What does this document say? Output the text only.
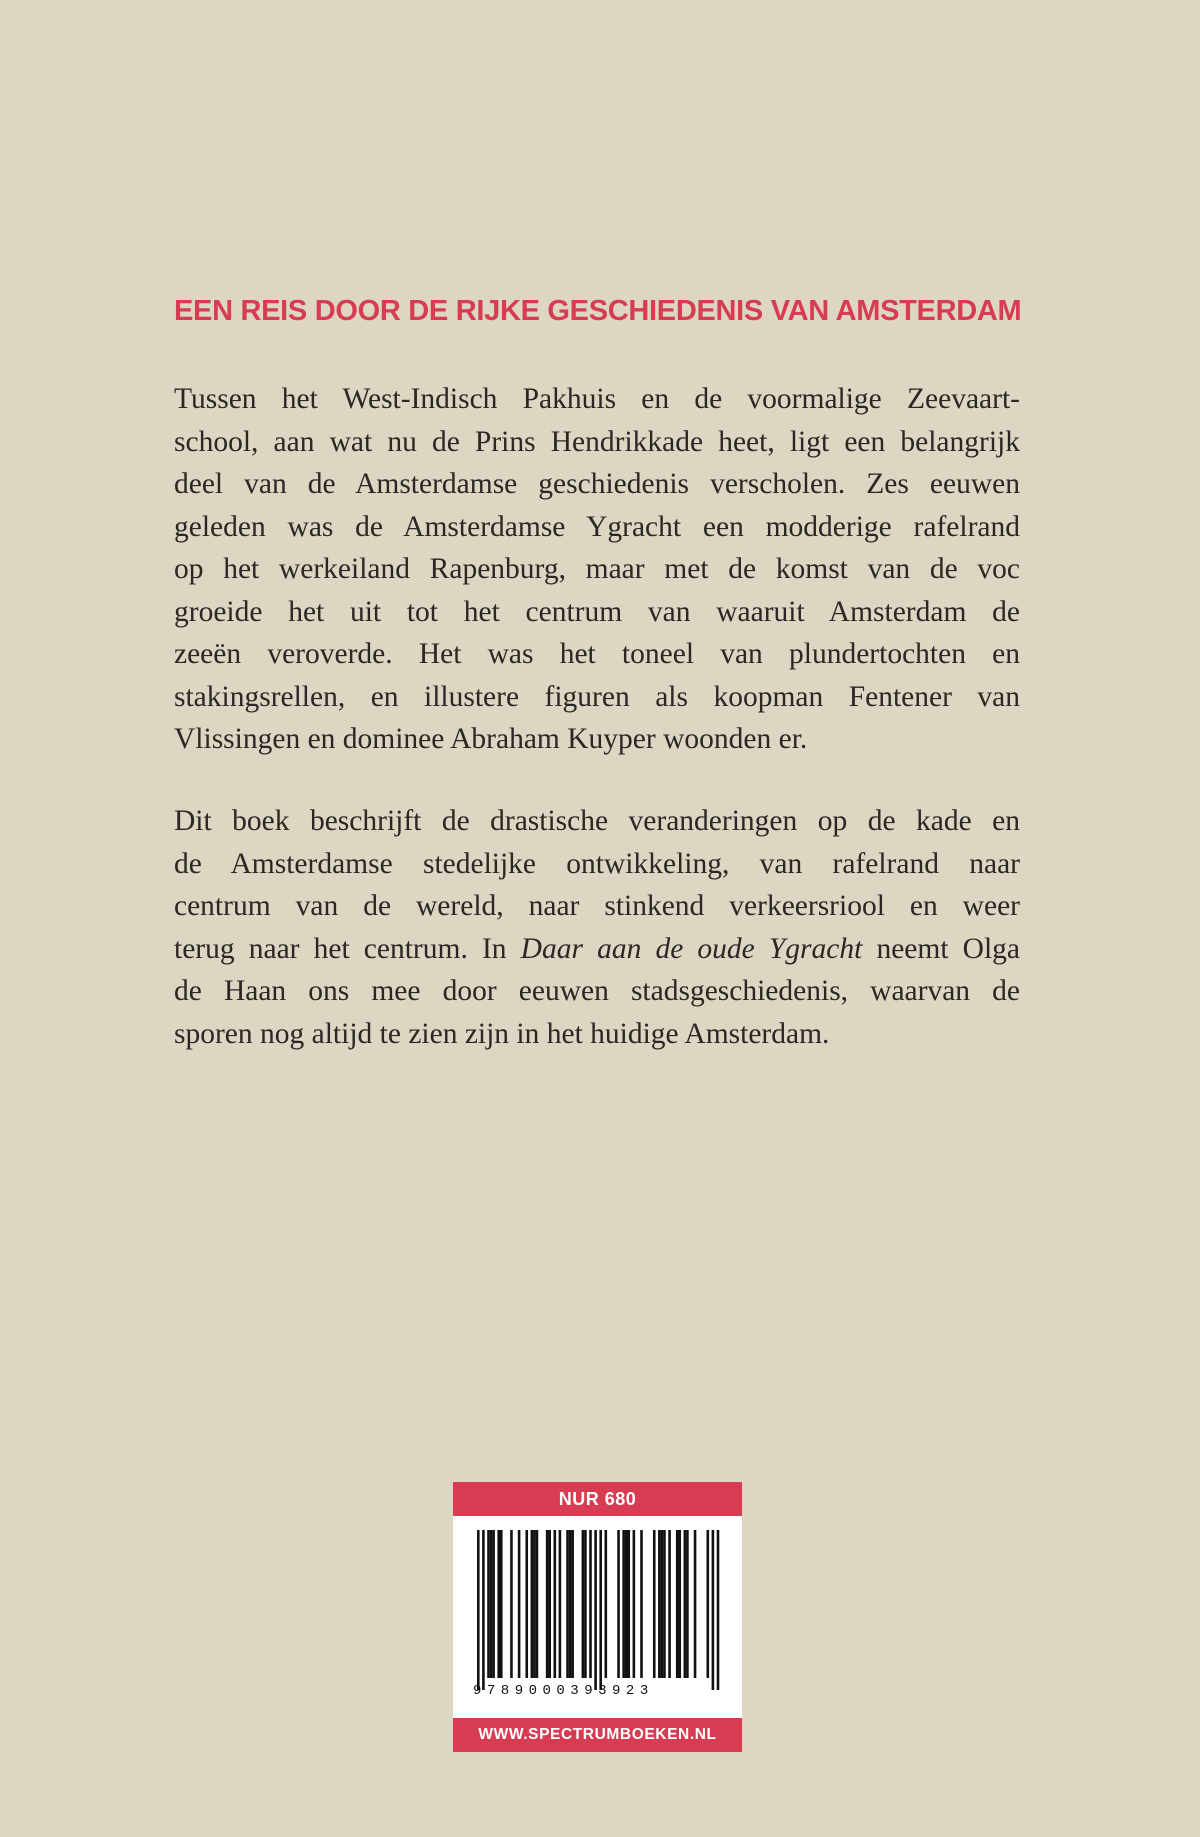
EEN REIS DOOR DE RIJKE GESCHIEDENIS VAN AMSTERDAM

Tussen het West-Indisch Pakhuis en de voormalige Zeevaart-
school, aan wat nu de Prins Hendrikkade heet, ligt een belangrijk
deel van de Amsterdamse geschiedenis verscholen. Zes eeuwen
geleden was de Amsterdamse Ygracht een modderige rafelrand
op het werkeiland Rapenburg, maar met de komst van de voc
groeide het uit tot het centrum van waaruit Amsterdam de
zeeën veroverde. Het was het toneel van plundertochten en
stakingsrellen, en illustere figuren als koopman Fentener van
Vlissingen en dominee Abraham Kuyper woonden er.

Dit boek beschrijft de drastische veranderingen op de kade en
de Amsterdamse stedelijke ontwikkeling, van rafelrand naar
centrum van de wereld, naar stinkend verkeersriool en weer
terug naar het centrum. In Daar aan de oude Ygracht neemt Olga
de Haan ons mee door eeuwen stadsgeschiedenis, waarvan de
sporen nog altijd te zien zijn in het huidige Amsterdam.

NUR 680
9789000393923
WWW.SPECTRUMBOEKEN.NL
